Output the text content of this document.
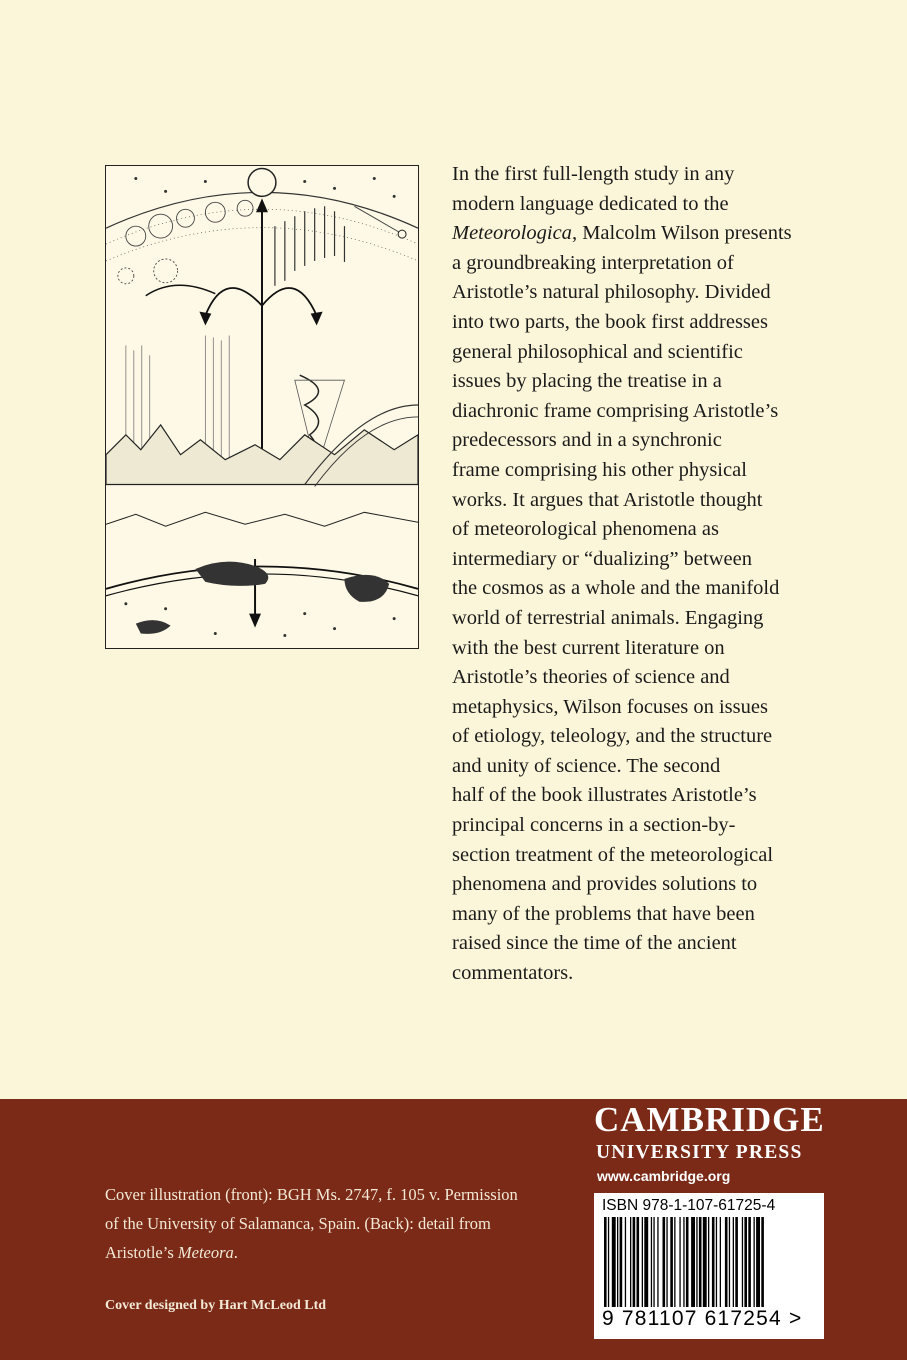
In the first full-length study in any
modern language dedicated to the
Meteorologica, Malcolm Wilson presents
a groundbreaking interpretation of
Aristotle’s natural philosophy. Divided
into two parts, the book first addresses
general philosophical and scientific
issues by placing the treatise in a
diachronic frame comprising Aristotle’s
predecessors and in a synchronic
frame comprising his other physical
works. It argues that Aristotle thought
of meteorological phenomena as
intermediary or “dualizing” between
the cosmos as a whole and the manifold
world of terrestrial animals. Engaging
with the best current literature on
Aristotle’s theories of science and
metaphysics, Wilson focuses on issues
of etiology, teleology, and the structure
and unity of science. The second
half of the book illustrates Aristotle’s
principal concerns in a section-by-
section treatment of the meteorological
phenomena and provides solutions to
many of the problems that have been
raised since the time of the ancient
commentators.
Cover illustration (front): BGH Ms. 2747, f. 105 v. Permission
of the University of Salamanca, Spain. (Back): detail from
Aristotle’s Meteora.
Cover designed by Hart McLeod Ltd
CAMBRIDGE
UNIVERSITY PRESS
www.cambridge.org
ISBN 978-1-107-61725-4
9 781107 617254 >
